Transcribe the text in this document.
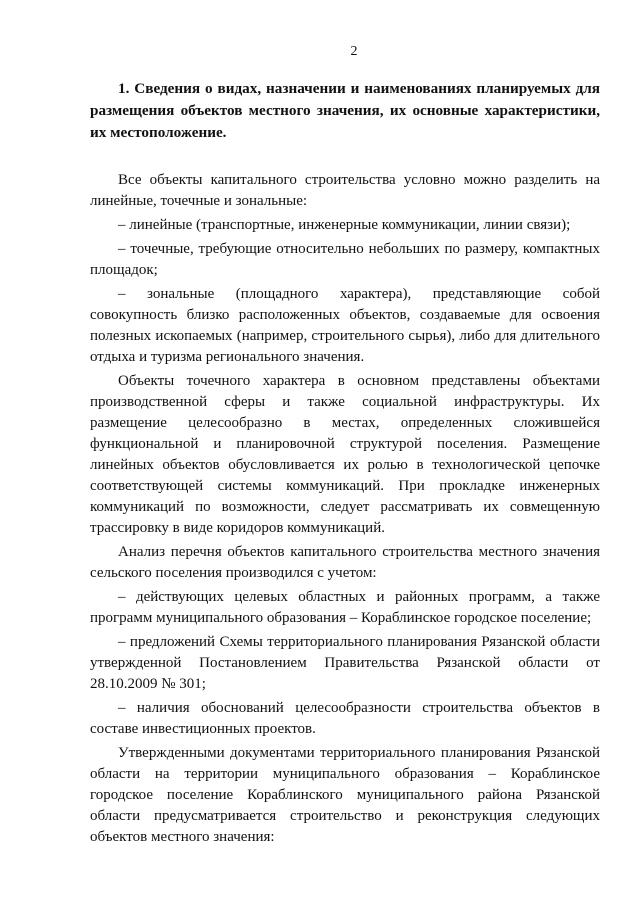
2
1. Сведения о видах, назначении и наименованиях планируемых для размещения объектов местного значения, их основные характеристики, их местоположение.

Все объекты капитального строительства условно можно разделить на линейные, точечные и зональные:

– линейные (транспортные, инженерные коммуникации, линии связи);

– точечные, требующие относительно небольших по размеру, компактных площадок;

– зональные (площадного характера), представляющие собой совокупность близко расположенных объектов, создаваемые для освоения полезных ископаемых (например, строительного сырья), либо для длительного отдыха и туризма регионального значения.

Объекты точечного характера в основном представлены объектами производственной сферы и также социальной инфраструктуры. Их размещение целесообразно в местах, определенных сложившейся функциональной и планировочной структурой поселения. Размещение линейных объектов обусловливается их ролью в технологической цепочке соответствующей системы коммуникаций. При прокладке инженерных коммуникаций по возможности, следует рассматривать их совмещенную трассировку в виде коридоров коммуникаций.

Анализ перечня объектов капитального строительства местного значения сельского поселения производился с учетом:

– действующих целевых областных и районных программ, а также программ муниципального образования – Кораблинское городское поселение;

– предложений Схемы территориального планирования Рязанской области утвержденной Постановлением Правительства Рязанской области от 28.10.2009 № 301;

– наличия обоснований целесообразности строительства объектов в составе инвестиционных проектов.

Утвержденными документами территориального планирования Рязанской области на территории муниципального образования – Кораблинское городское поселение Кораблинского муниципального района Рязанской области предусматривается строительство и реконструкция следующих объектов местного значения:
